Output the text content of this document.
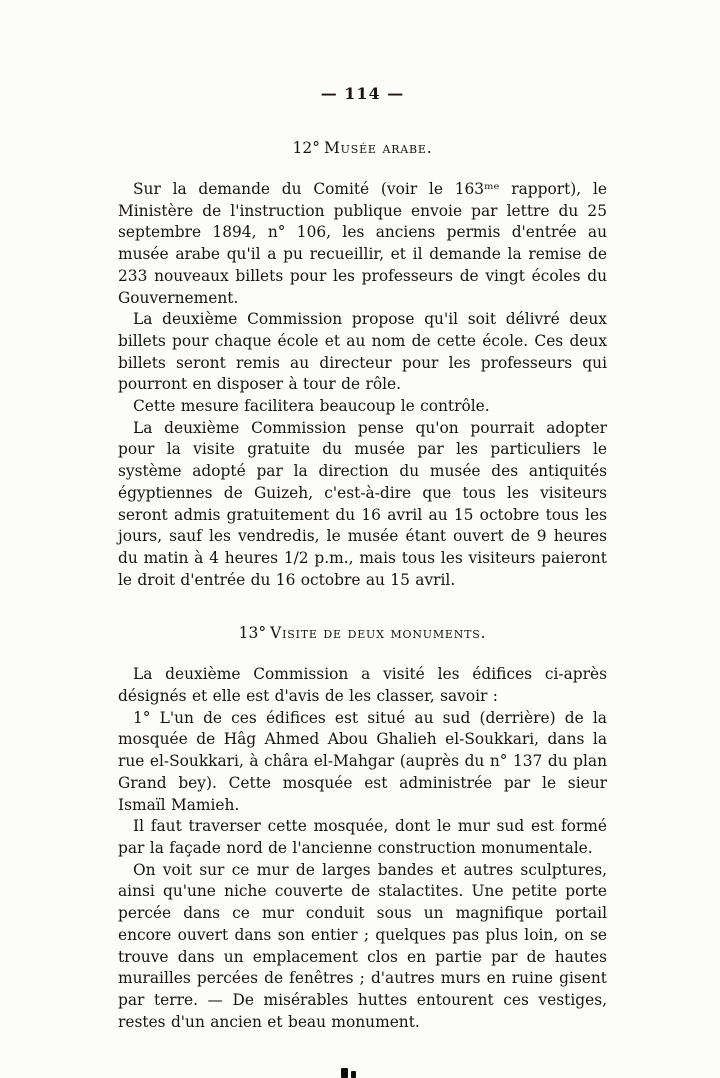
— 114 —
12° Musée arabe.

Sur la demande du Comité (voir le 163ᵐᵉ rapport), le Ministère de l'instruction publique envoie par lettre du 25 septembre 1894, n° 106, les anciens permis d'entrée au musée arabe qu'il a pu recueillir, et il demande la remise de 233 nouveaux billets pour les professeurs de vingt écoles du Gouvernement.

La deuxième Commission propose qu'il soit délivré deux billets pour chaque école et au nom de cette école. Ces deux billets seront remis au directeur pour les professeurs qui pourront en disposer à tour de rôle.

Cette mesure facilitera beaucoup le contrôle.

La deuxième Commission pense qu'on pourrait adopter pour la visite gratuite du musée par les particuliers le système adopté par la direction du musée des antiquités égyptiennes de Guizeh, c'est-à-dire que tous les visiteurs seront admis gratuitement du 16 avril au 15 octobre tous les jours, sauf les vendredis, le musée étant ouvert de 9 heures du matin à 4 heures 1/2 p.m., mais tous les visiteurs paieront le droit d'entrée du 16 octobre au 15 avril.

13° Visite de deux monuments.

La deuxième Commission a visité les édifices ci-après désignés et elle est d'avis de les classer, savoir :

1° L'un de ces édifices est situé au sud (derrière) de la mosquée de Hâg Ahmed Abou Ghalieh el-Soukkari, dans la rue el-Soukkari, à châra el-Mahgar (auprès du n° 137 du plan Grand bey). Cette mosquée est administrée par le sieur Ismaïl Mamieh.

Il faut traverser cette mosquée, dont le mur sud est formé par la façade nord de l'ancienne construction monumentale.

On voit sur ce mur de larges bandes et autres sculptures, ainsi qu'une niche couverte de stalactites. Une petite porte percée dans ce mur conduit sous un magnifique portail encore ouvert dans son entier ; quelques pas plus loin, on se trouve dans un emplacement clos en partie par de hautes murailles percées de fenêtres ; d'autres murs en ruine gisent par terre. — De misérables huttes entourent ces vestiges, restes d'un ancien et beau monument.
